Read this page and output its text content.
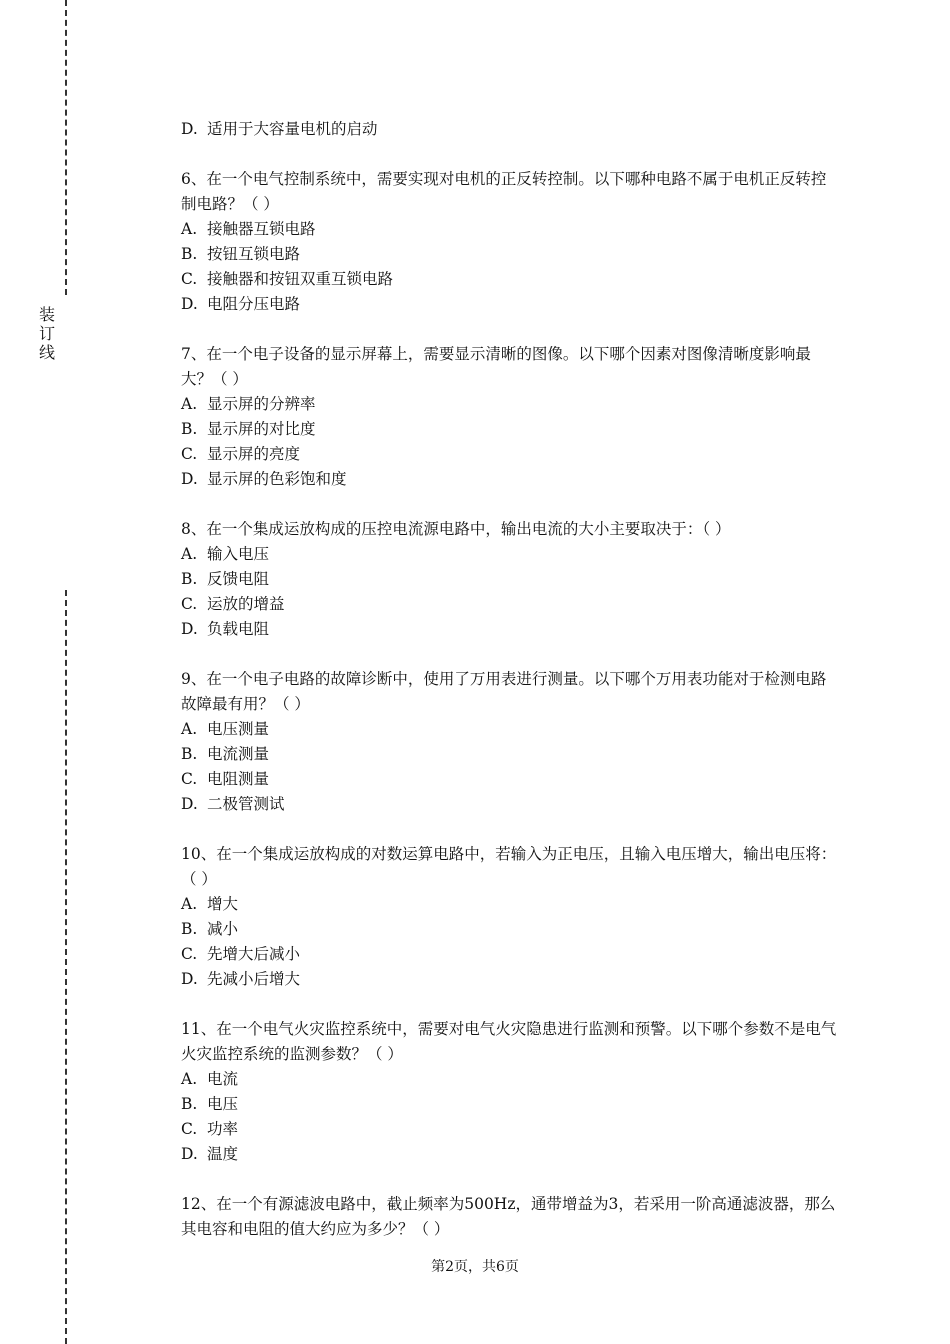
装
订
线
D. 适用于大容量电机的启动

6、在一个电气控制系统中，需要实现对电机的正反转控制。以下哪种电路不属于电机正反转控制电路？（ ）

A. 接触器互锁电路
B. 按钮互锁电路
C. 接触器和按钮双重互锁电路
D. 电阻分压电路

7、在一个电子设备的显示屏幕上，需要显示清晰的图像。以下哪个因素对图像清晰度影响最大？（ ）

A. 显示屏的分辨率
B. 显示屏的对比度
C. 显示屏的亮度
D. 显示屏的色彩饱和度

8、在一个集成运放构成的压控电流源电路中，输出电流的大小主要取决于：（ ）

A. 输入电压
B. 反馈电阻
C. 运放的增益
D. 负载电阻

9、在一个电子电路的故障诊断中，使用了万用表进行测量。以下哪个万用表功能对于检测电路故障最有用？（ ）

A. 电压测量
B. 电流测量
C. 电阻测量
D. 二极管测试

10、在一个集成运放构成的对数运算电路中，若输入为正电压，且输入电压增大，输出电压将：（ ）

A. 增大
B. 减小
C. 先增大后减小
D. 先减小后增大

11、在一个电气火灾监控系统中，需要对电气火灾隐患进行监测和预警。以下哪个参数不是电气火灾监控系统的监测参数？（ ）

A. 电流
B. 电压
C. 功率
D. 温度

12、在一个有源滤波电路中，截止频率为500Hz，通带增益为3，若采用一阶高通滤波器，那么其电容和电阻的值大约应为多少？（ ）

第2页，共6页
